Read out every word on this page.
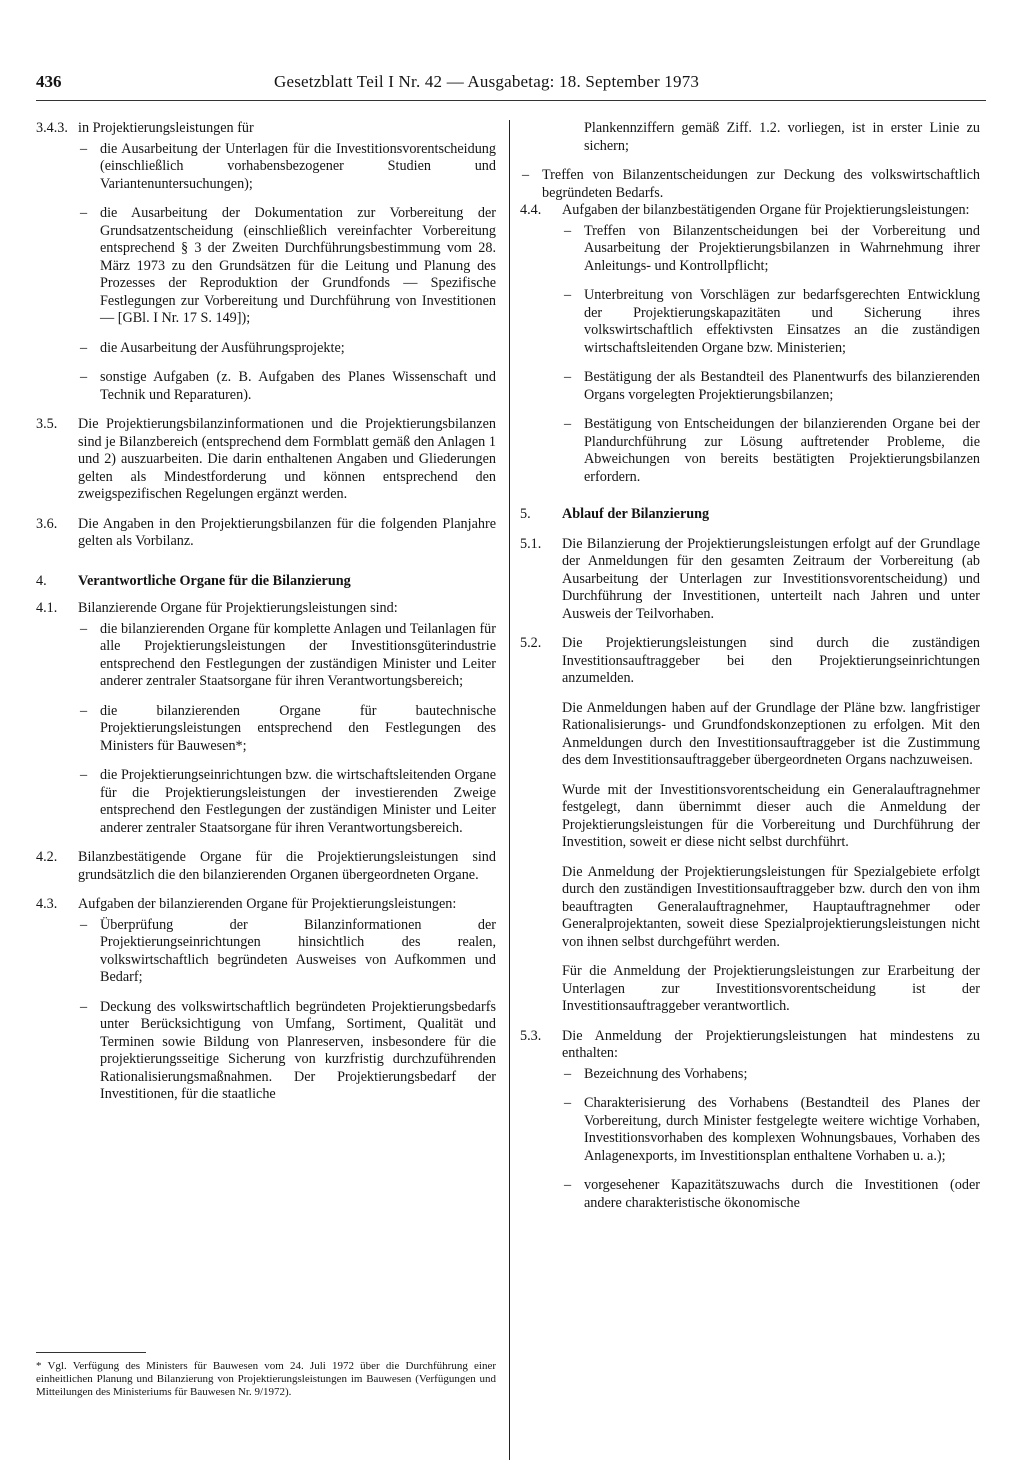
436	Gesetzblatt Teil I Nr. 42 — Ausgabetag: 18. September 1973
3.4.3. in Projektierungsleistungen für
– die Ausarbeitung der Unterlagen für die Investitionsvorentscheidung (einschließlich vorhabensbezogener Studien und Variantenuntersuchungen);
– die Ausarbeitung der Dokumentation zur Vorbereitung der Grundsatzentscheidung (einschließlich vereinfachter Vorbereitung entsprechend § 3 der Zweiten Durchführungsbestimmung vom 28. März 1973 zu den Grundsätzen für die Leitung und Planung des Prozesses der Reproduktion der Grundfonds — Spezifische Festlegungen zur Vorbereitung und Durchführung von Investitionen — [GBl. I Nr. 17 S. 149]);
– die Ausarbeitung der Ausführungsprojekte;
– sonstige Aufgaben (z. B. Aufgaben des Planes Wissenschaft und Technik und Reparaturen).
3.5.	Die Projektierungsbilanzinformationen und die Projektierungsbilanzen sind je Bilanzbereich (entsprechend dem Formblatt gemäß den Anlagen 1 und 2) auszuarbeiten. Die darin enthaltenen Angaben und Gliederungen gelten als Mindestforderung und können entsprechend den zweigspezifischen Regelungen ergänzt werden.
3.6.	Die Angaben in den Projektierungsbilanzen für die folgenden Planjahre gelten als Vorbilanz.
4.	Verantwortliche Organe für die Bilanzierung
4.1.	Bilanzierende Organe für Projektierungsleistungen sind:
– die bilanzierenden Organe für komplette Anlagen und Teilanlagen für alle Projektierungsleistungen der Investitionsgüterindustrie entsprechend den Festlegungen der zuständigen Minister und Leiter anderer zentraler Staatsorgane für ihren Verantwortungsbereich;
– die bilanzierenden Organe für bautechnische Projektierungsleistungen entsprechend den Festlegungen des Ministers für Bauwesen*;
– die Projektierungseinrichtungen bzw. die wirtschaftsleitenden Organe für die Projektierungsleistungen der investierenden Zweige entsprechend den Festlegungen der zuständigen Minister und Leiter anderer zentraler Staatsorgane für ihren Verantwortungsbereich.
4.2.	Bilanzbestätigende Organe für die Projektierungsleistungen sind grundsätzlich die den bilanzierenden Organen übergeordneten Organe.
4.3.	Aufgaben der bilanzierenden Organe für Projektierungsleistungen:
– Überprüfung der Bilanzinformationen der Projektierungseinrichtungen hinsichtlich des realen, volkswirtschaftlich begründeten Ausweises von Aufkommen und Bedarf;
– Deckung des volkswirtschaftlich begründeten Projektierungsbedarfs unter Berücksichtigung von Umfang, Sortiment, Qualität und Terminen sowie Bildung von Planreserven, insbesondere für die projektierungsseitige Sicherung von kurzfristig durchzuführenden Rationalisierungsmaßnahmen. Der Projektierungsbedarf der Investitionen, für die staatliche
* Vgl. Verfügung des Ministers für Bauwesen vom 24. Juli 1972 über die Durchführung einer einheitlichen Planung und Bilanzierung von Projektierungsleistungen im Bauwesen (Verfügungen und Mitteilungen des Ministeriums für Bauwesen Nr. 9/1972).
Plankennziffern gemäß Ziff. 1.2. vorliegen, ist in erster Linie zu sichern;
– Treffen von Bilanzentscheidungen zur Deckung des volkswirtschaftlich begründeten Bedarfs.
4.4.	Aufgaben der bilanzbestätigenden Organe für Projektierungsleistungen:
– Treffen von Bilanzentscheidungen bei der Vorbereitung und Ausarbeitung der Projektierungsbilanzen in Wahrnehmung ihrer Anleitungs- und Kontrollpflicht;
– Unterbreitung von Vorschlägen zur bedarfsgerechten Entwicklung der Projektierungskapazitäten und Sicherung ihres volkswirtschaftlich effektivsten Einsatzes an die zuständigen wirtschaftsleitenden Organe bzw. Ministerien;
– Bestätigung der als Bestandteil des Planentwurfs des bilanzierenden Organs vorgelegten Projektierungsbilanzen;
– Bestätigung von Entscheidungen der bilanzierenden Organe bei der Plandurchführung zur Lösung auftretender Probleme, die Abweichungen von bereits bestätigten Projektierungsbilanzen erfordern.
5.	Ablauf der Bilanzierung
5.1.	Die Bilanzierung der Projektierungsleistungen erfolgt auf der Grundlage der Anmeldungen für den gesamten Zeitraum der Vorbereitung (ab Ausarbeitung der Unterlagen zur Investitionsvorentscheidung) und Durchführung der Investitionen, unterteilt nach Jahren und unter Ausweis der Teilvorhaben.
5.2.	Die Projektierungsleistungen sind durch die zuständigen Investitionsauftraggeber bei den Projektierungseinrichtungen anzumelden.

Die Anmeldungen haben auf der Grundlage der Pläne bzw. langfristiger Rationalisierungs- und Grundfondskonzeptionen zu erfolgen. Mit den Anmeldungen durch den Investitionsauftraggeber ist die Zustimmung des dem Investitionsauftraggeber übergeordneten Organs nachzuweisen.

Wurde mit der Investitionsvorentscheidung ein Generalauftragnehmer festgelegt, dann übernimmt dieser auch die Anmeldung der Projektierungsleistungen für die Vorbereitung und Durchführung der Investition, soweit er diese nicht selbst durchführt.

Die Anmeldung der Projektierungsleistungen für Spezialgebiete erfolgt durch den zuständigen Investitionsauftraggeber bzw. durch den von ihm beauftragten Generalauftragnehmer, Hauptauftragnehmer oder Generalprojektanten, soweit diese Spezialprojektierungsleistungen nicht von ihnen selbst durchgeführt werden.

Für die Anmeldung der Projektierungsleistungen zur Erarbeitung der Unterlagen zur Investitionsvorentscheidung ist der Investitionsauftraggeber verantwortlich.

5.3.	Die Anmeldung der Projektierungsleistungen hat mindestens zu enthalten:
– Bezeichnung des Vorhabens;
– Charakterisierung des Vorhabens (Bestandteil des Planes der Vorbereitung, durch Minister festgelegte weitere wichtige Vorhaben, Investitionsvorhaben des komplexen Wohnungsbaues, Vorhaben des Anlagenexports, im Investitionsplan enthaltene Vorhaben u. a.);
– vorgesehener Kapazitätszuwachs durch die Investitionen (oder andere charakteristische ökonomische
